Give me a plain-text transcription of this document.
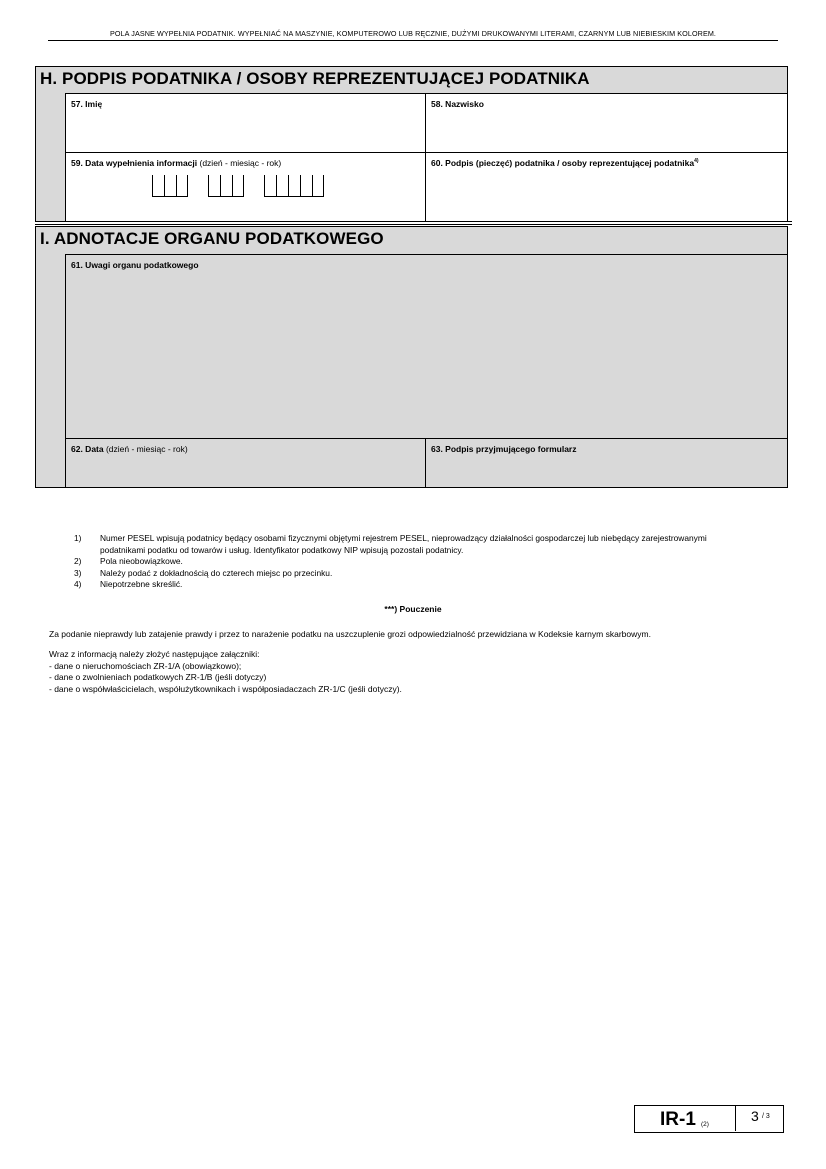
POLA JASNE WYPEŁNIA PODATNIK. WYPEŁNIAĆ NA MASZYNIE, KOMPUTEROWO LUB RĘCZNIE, DUŻYMI DRUKOWANYMI LITERAMI, CZARNYM LUB NIEBIESKIM KOLOREM.
H. PODPIS PODATNIKA / OSOBY REPREZENTUJĄCEJ PODATNIKA
57. Imię	58. Nazwisko
59. Data wypełnienia informacji (dzień - miesiąc - rok)	60. Podpis (pieczęć) podatnika / osoby reprezentującej podatnika$^{4)}$
I. ADNOTACJE ORGANU PODATKOWEGO
61. Uwagi organu podatkowego
62. Data (dzień - miesiąc - rok)	63. Podpis przyjmującego formularz
1)	Numer PESEL wpisują podatnicy będący osobami fizycznymi objętymi rejestrem PESEL, nieprowadzący działalności gospodarczej lub niebędący zarejestrowanymi podatnikami podatku od towarów i usług. Identyfikator podatkowy NIP wpisują pozostali podatnicy.
2)	Pola nieobowiązkowe.
3)	Należy podać z dokładnością do czterech miejsc po przecinku.
4)	Niepotrzebne skreślić.
***) Pouczenie
Za podanie nieprawdy lub zatajenie prawdy i przez to narażenie podatku na uszczuplenie grozi odpowiedzialność przewidziana w Kodeksie karnym skarbowym.
Wraz z informacją należy złożyć następujące załączniki:
- dane o nieruchomościach ZR-1/A (obowiązkowo);
- dane o zwolnieniach podatkowych ZR-1/B (jeśli dotyczy)
- dane o współwłaścicielach, współużytkownikach i współposiadaczach ZR-1/C (jeśli dotyczy).
IR-1 (2)
3 / 3
